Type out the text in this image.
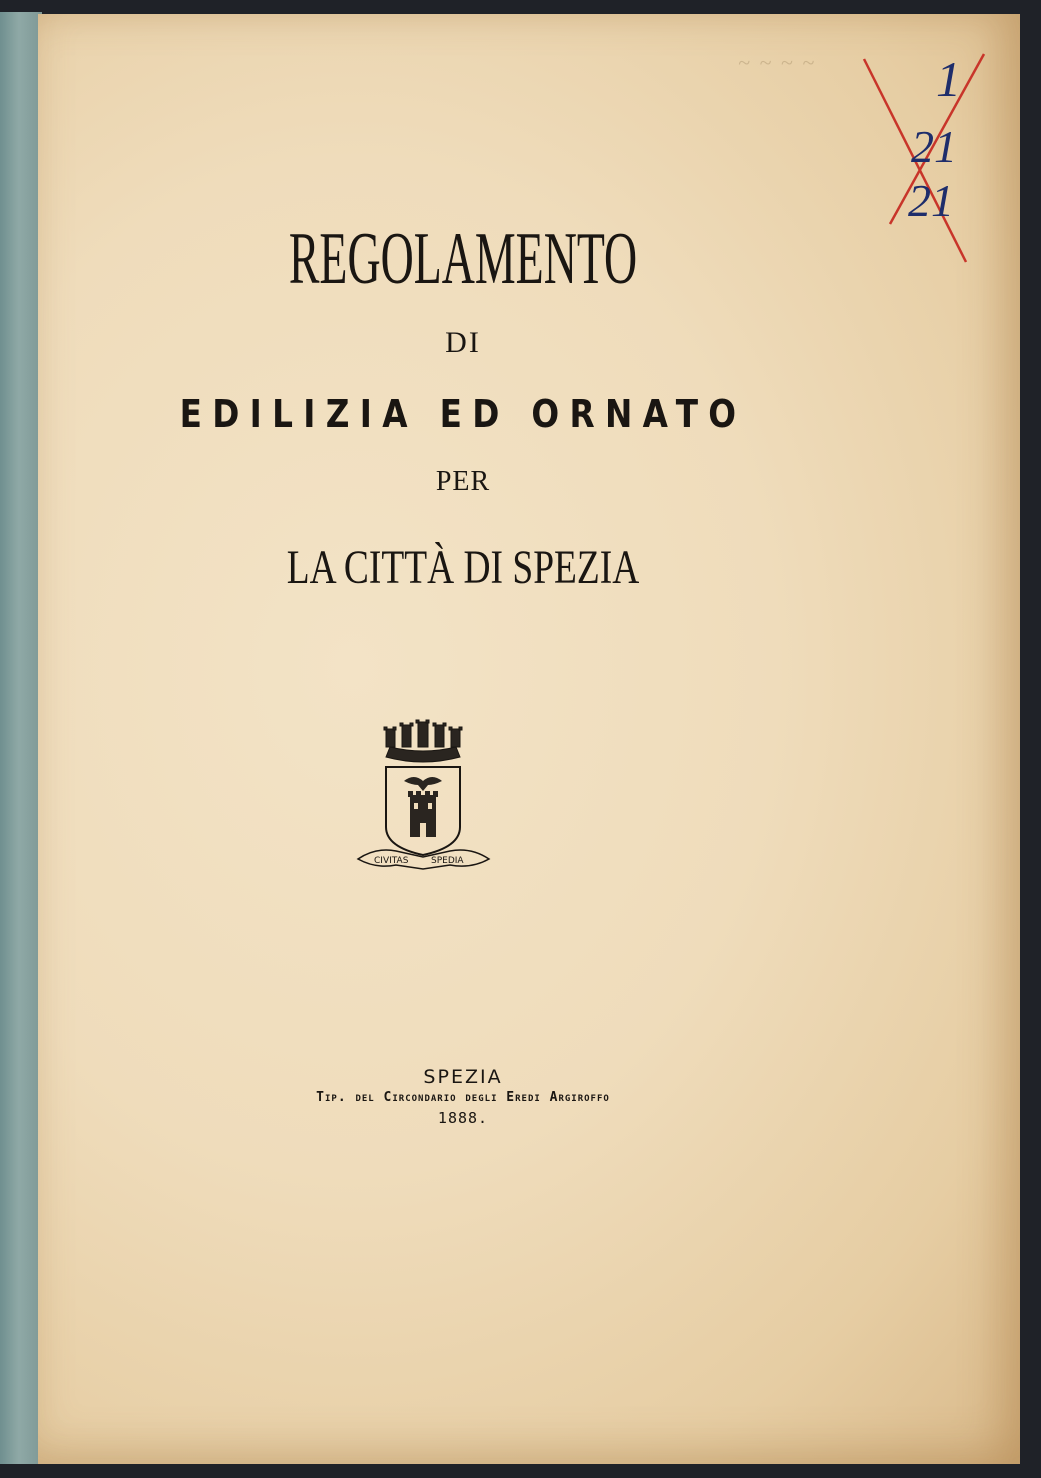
~ ~ ~ ~ 1
21
21
REGOLAMENTO
DI
EDILIZIA ED ORNATO
PER
LA CITTÀ DI SPEZIA
CIVITAS	SPEDIA
SPEZIA
Tip. del Circondario degli Eredi Argiroffo
1888.
